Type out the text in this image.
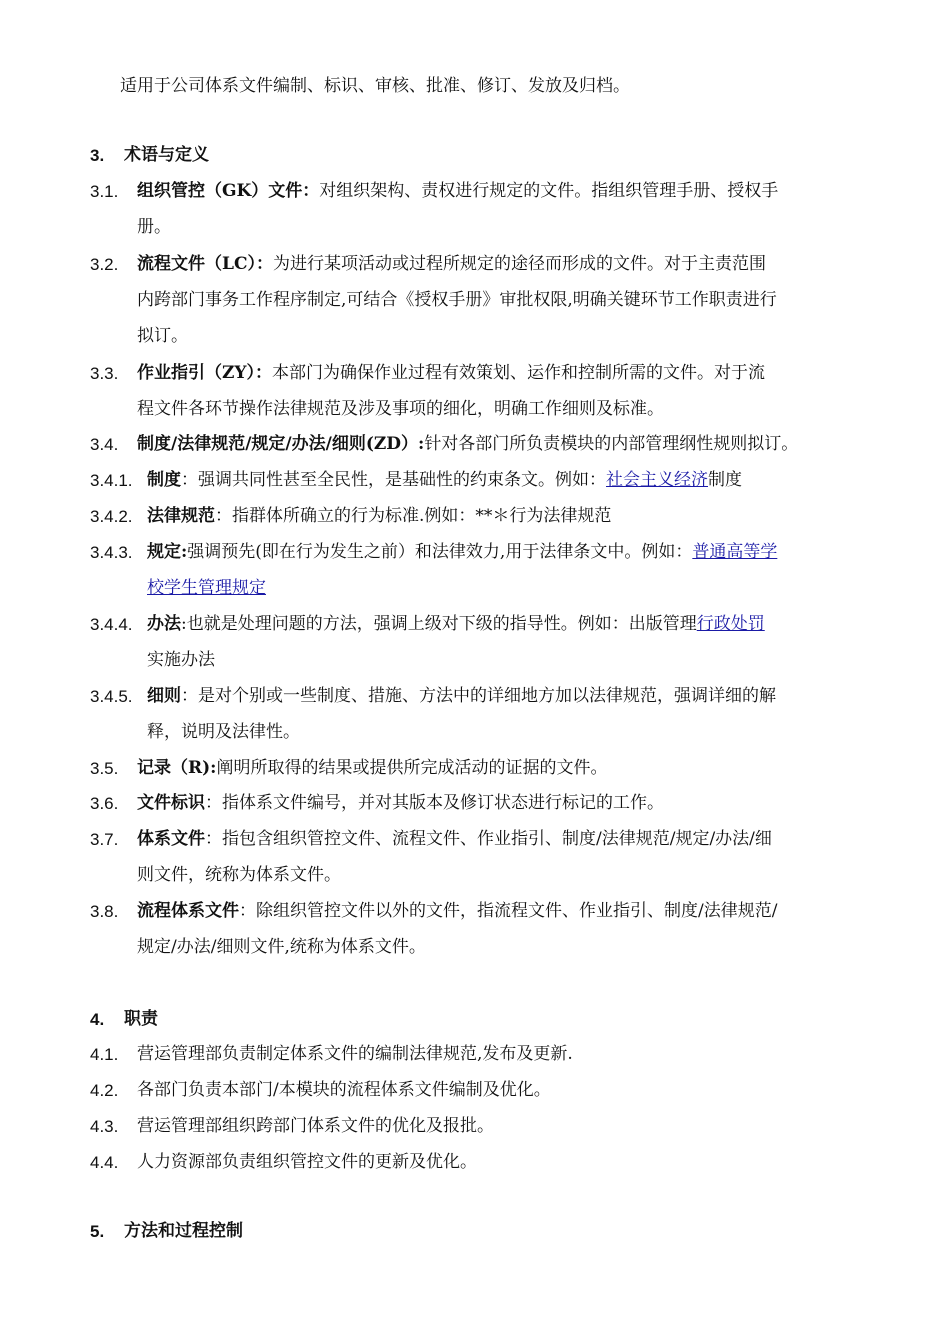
适用于公司体系文件编制、标识、审核、批准、修订、发放及归档。
3. 术语与定义
3.1. 组织管控（GK）文件：对组织架构、责权进行规定的文件。指组织管理手册、授权手
册。
3.2. 流程文件（LC）：为进行某项活动或过程所规定的途径而形成的文件。对于主责范围
内跨部门事务工作程序制定,可结合《授权手册》审批权限,明确关键环节工作职责进行
拟订。
3.3. 作业指引（ZY）：本部门为确保作业过程有效策划、运作和控制所需的文件。对于流
程文件各环节操作法律规范及涉及事项的细化，明确工作细则及标准。
3.4. 制度/法律规范/规定/办法/细则(ZD）:针对各部门所负责模块的内部管理纲性规则拟订。
3.4.1. 制度：强调共同性甚至全民性，是基础性的约束条文。例如：社会主义经济制度
3.4.2. 法律规范：指群体所确立的行为标准.例如：**＊行为法律规范
3.4.3. 规定:强调预先(即在行为发生之前）和法律效力,用于法律条文中。例如：普通高等学
校学生管理规定
3.4.4. 办法:也就是处理问题的方法，强调上级对下级的指导性。例如：出版管理行政处罚
实施办法
3.4.5. 细则：是对个别或一些制度、措施、方法中的详细地方加以法律规范，强调详细的解
释，说明及法律性。
3.5. 记录（R):阐明所取得的结果或提供所完成活动的证据的文件。
3.6. 文件标识：指体系文件编号，并对其版本及修订状态进行标记的工作。
3.7. 体系文件：指包含组织管控文件、流程文件、作业指引、制度/法律规范/规定/办法/细
则文件，统称为体系文件。
3.8. 流程体系文件：除组织管控文件以外的文件，指流程文件、作业指引、制度/法律规范/
规定/办法/细则文件,统称为体系文件。
4. 职责
4.1. 营运管理部负责制定体系文件的编制法律规范,发布及更新.
4.2. 各部门负责本部门/本模块的流程体系文件编制及优化。
4.3. 营运管理部组织跨部门体系文件的优化及报批。
4.4. 人力资源部负责组织管控文件的更新及优化。
5. 方法和过程控制
